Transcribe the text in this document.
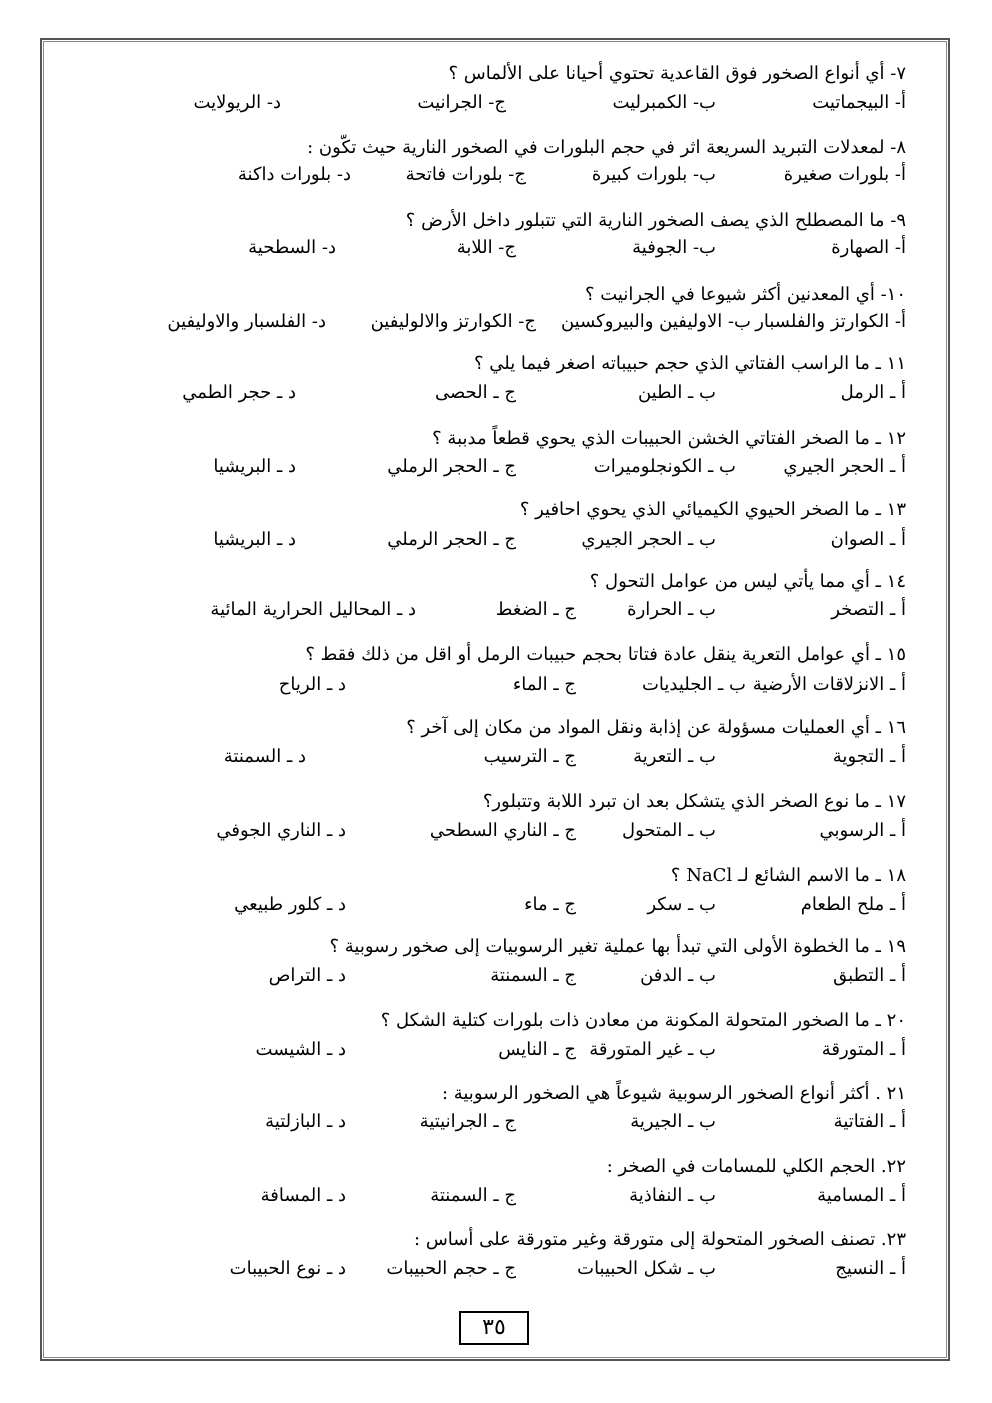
٧- أي أنواع الصخور فوق القاعدية تحتوي أحيانا على الألماس ؟
أ- البيجماتيت
ب- الكمبرليت
ج- الجرانيت
د- الريولايت
٨- لمعدلات التبريد السريعة اثر في حجم البلورات في الصخور النارية حيث تكّون :
أ- بلورات صغيرة
ب- بلورات كبيرة
ج- بلورات فاتحة
د- بلورات داكنة
٩- ما المصطلح الذي يصف الصخور النارية التي تتبلور داخل الأرض ؟
أ- الصهارة
ب- الجوفية
ج- اللابة
د- السطحية
١٠- أي المعدنين أكثر شيوعا في الجرانيت ؟
أ- الكوارتز والفلسبار
ب- الاوليفين والبيروكسين
ج- الكوارتز والالوليفين
د- الفلسبار والاوليفين
١١ ـ ما الراسب الفتاتي الذي حجم حبيباته اصغر فيما يلي ؟
أ ـ الرمل
ب ـ الطين
ج ـ الحصى
د ـ حجر الطمي
١٢ ـ ما الصخر الفتاتي الخشن الحبيبات الذي يحوي قطعاً مدببة ؟
أ ـ الحجر الجيري
ب ـ الكونجلوميرات
ج ـ الحجر الرملي
د ـ البريشيا
١٣ ـ ما الصخر الحيوي الكيميائي الذي يحوي احافير ؟
أ ـ الصوان
ب ـ الحجر الجيري
ج ـ الحجر الرملي
د ـ البريشيا
١٤ ـ أي مما يأتي ليس من عوامل التحول ؟
أ ـ التصخر
ب ـ الحرارة
ج ـ الضغط
د ـ المحاليل الحرارية المائية
١٥ ـ أي عوامل التعرية ينقل عادة فتاتا بحجم حبيبات الرمل أو اقل من ذلك فقط ؟
أ ـ الانزلاقات الأرضية
ب ـ الجليديات
ج ـ الماء
د ـ الرياح
١٦ ـ أي العمليات مسؤولة عن إذابة ونقل المواد من مكان إلى آخر ؟
أ ـ التجوية
ب ـ التعرية
ج ـ الترسيب
د ـ السمنتة
١٧ ـ ما نوع الصخر الذي يتشكل بعد ان تبرد اللابة وتتبلور؟
أ ـ الرسوبي
ب ـ المتحول
ج ـ الناري السطحي
د ـ الناري الجوفي
١٨ ـ ما الاسم الشائع لـ NaCl ؟
أ ـ ملح الطعام
ب ـ سكر
ج ـ ماء
د ـ كلور طبيعي
١٩ ـ ما الخطوة الأولى التي تبدأ بها عملية تغير الرسوبيات إلى صخور رسوبية ؟
أ ـ التطبق
ب ـ الدفن
ج ـ السمنتة
د ـ التراص
٢٠ ـ ما الصخور المتحولة المكونة من معادن ذات بلورات كتلية الشكل ؟
أ ـ المتورقة
ب ـ غير المتورقة
ج ـ النايس
د ـ الشيست
٢١ . أكثر أنواع الصخور الرسوبية شيوعاً هي الصخور الرسوبية :
أ ـ الفتاتية
ب ـ الجيرية
ج ـ الجرانيتية
د ـ البازلتية
٢٢. الحجم الكلي للمسامات في الصخر :
أ ـ المسامية
ب ـ النفاذية
ج ـ السمنتة
د ـ المسافة
٢٣. تصنف الصخور المتحولة إلى متورقة وغير متورقة على أساس :
أ ـ النسيج
ب ـ شكل الحبيبات
ج ـ حجم الحبيبات
د ـ نوع الحبيبات
٣٥
